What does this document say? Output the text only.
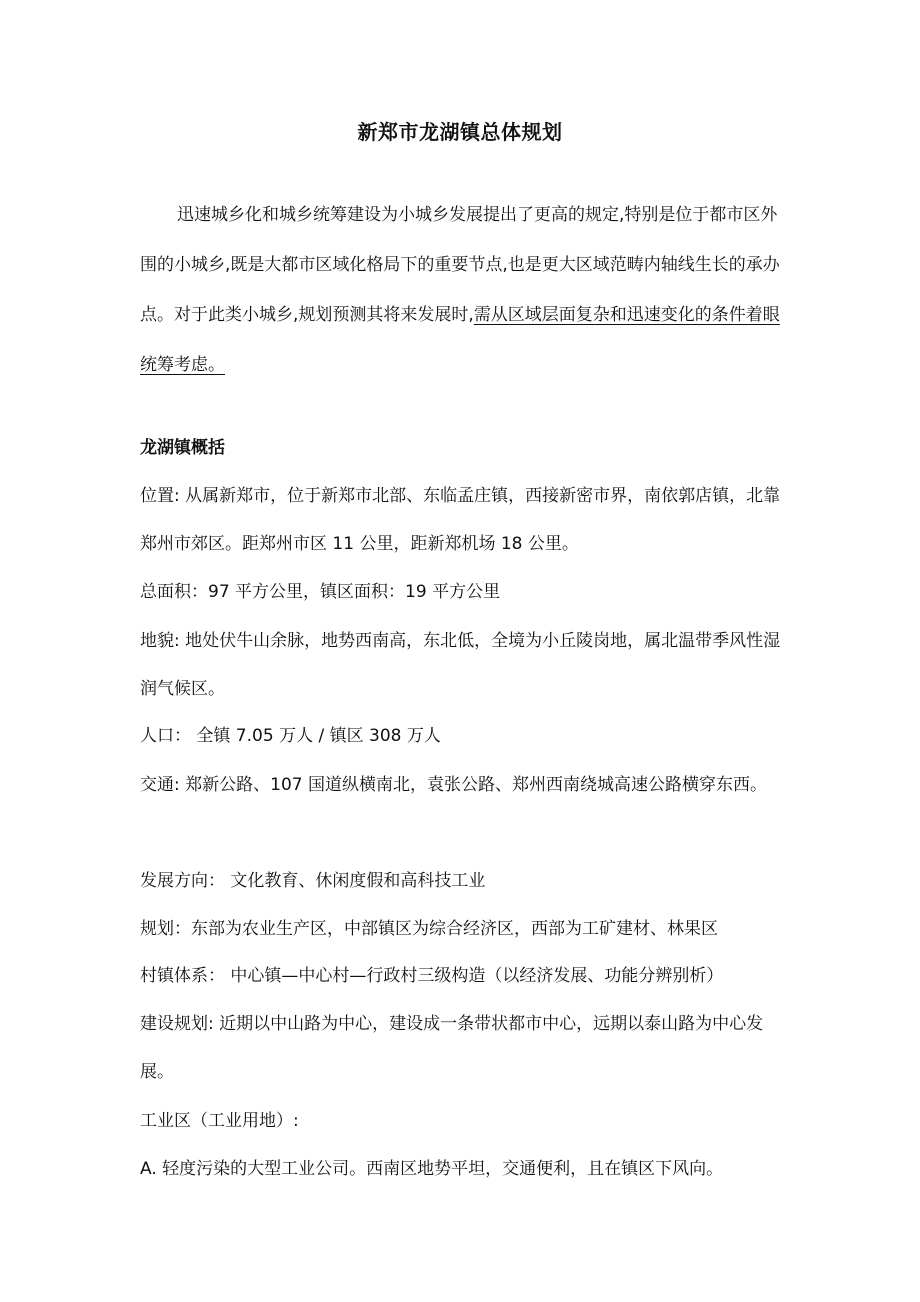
新郑市龙湖镇总体规划

迅速城乡化和城乡统筹建设为小城乡发展提出了更高的规定,特别是位于都市区外围的小城乡,既是大都市区域化格局下的重要节点,也是更大区域范畴内轴线生长的承办点。对于此类小城乡,规划预测其将来发展时,需从区域层面复杂和迅速变化的条件着眼统筹考虑。

龙湖镇概括

位置: 从属新郑市，位于新郑市北部、东临孟庄镇，西接新密市界，南依郭店镇，北靠郑州市郊区。距郑州市区 11 公里，距新郑机场 18 公里。

总面积：97 平方公里，镇区面积：19 平方公里

地貌: 地处伏牛山余脉，地势西南高，东北低，全境为小丘陵岗地，属北温带季风性湿润气候区。

人口： 全镇 7.05 万人 / 镇区 308 万人

交通: 郑新公路、107 国道纵横南北，袁张公路、郑州西南绕城高速公路横穿东西。

发展方向： 文化教育、休闲度假和高科技工业

规划：东部为农业生产区，中部镇区为综合经济区，西部为工矿建材、林果区

村镇体系： 中心镇—中心村—行政村三级构造（以经济发展、功能分辨别析）

建设规划: 近期以中山路为中心，建设成一条带状都市中心，远期以泰山路为中心发展。

工业区（工业用地）:

A. 轻度污染的大型工业公司。西南区地势平坦，交通便利，且在镇区下风向。
